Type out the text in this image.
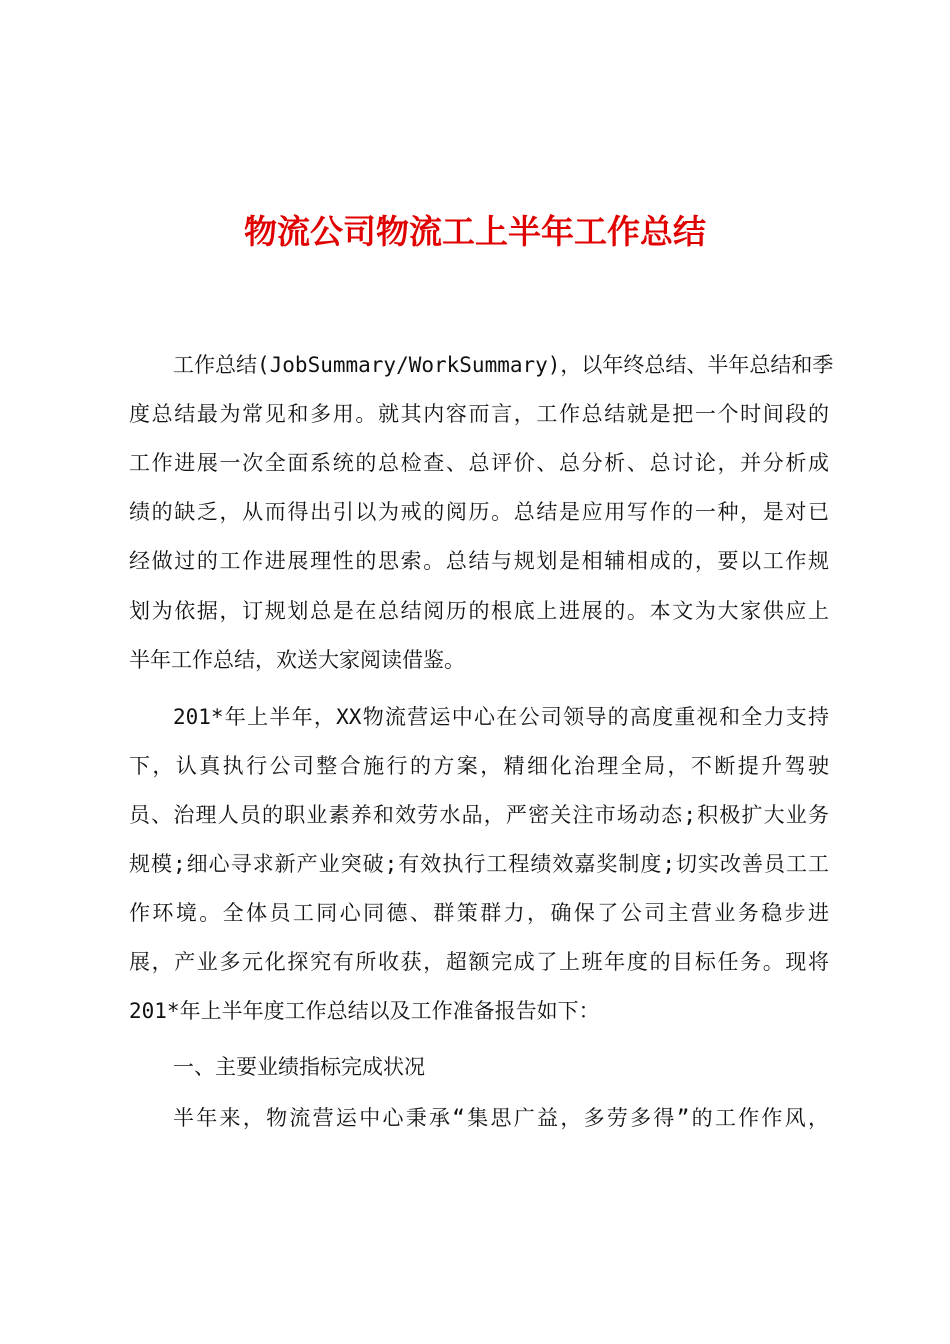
物流公司物流工上半年工作总结
工作总结(JobSummary/WorkSummary)，以年终总结、半年总结和季
度总结最为常见和多用。就其内容而言，工作总结就是把一个时间段的
工作进展一次全面系统的总检查、总评价、总分析、总讨论，并分析成
绩的缺乏，从而得出引以为戒的阅历。总结是应用写作的一种，是对已
经做过的工作进展理性的思索。总结与规划是相辅相成的，要以工作规
划为依据，订规划总是在总结阅历的根底上进展的。本文为大家供应上
半年工作总结，欢送大家阅读借鉴。
201*年上半年，XX物流营运中心在公司领导的高度重视和全力支持
下，认真执行公司整合施行的方案，精细化治理全局，不断提升驾驶
员、治理人员的职业素养和效劳水品，严密关注市场动态;积极扩大业务
规模;细心寻求新产业突破;有效执行工程绩效嘉奖制度;切实改善员工工
作环境。全体员工同心同德、群策群力，确保了公司主营业务稳步进
展，产业多元化探究有所收获，超额完成了上班年度的目标任务。现将
201*年上半年度工作总结以及工作准备报告如下：
一、主要业绩指标完成状况
半年来，物流营运中心秉承“集思广益，多劳多得”的工作作风，
